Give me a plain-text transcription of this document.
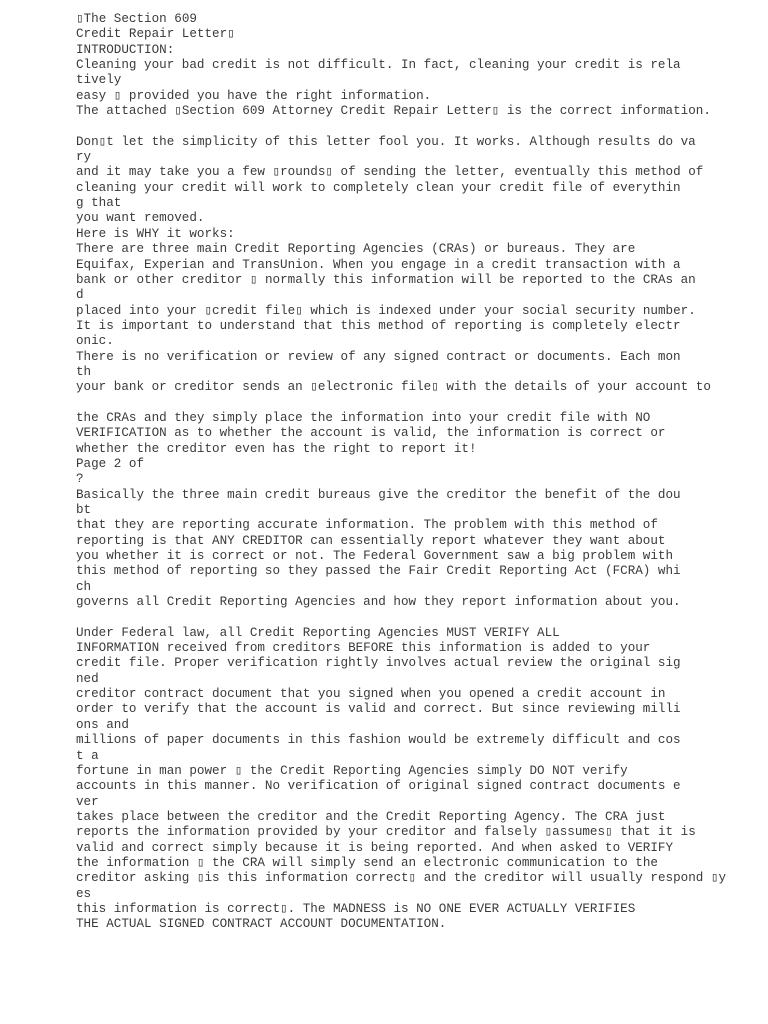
▯The Section 609
Credit Repair Letter▯
INTRODUCTION:
Cleaning your bad credit is not difficult. In fact, cleaning your credit is rela
tively
easy ▯ provided you have the right information.
The attached ▯Section 609 Attorney Credit Repair Letter▯ is the correct information.
Don▯t let the simplicity of this letter fool you. It works. Although results do va
ry
and it may take you a few ▯rounds▯ of sending the letter, eventually this method of
cleaning your credit will work to completely clean your credit file of everythin
g that
you want removed.
Here is WHY it works:
There are three main Credit Reporting Agencies (CRAs) or bureaus. They are
Equifax, Experian and TransUnion. When you engage in a credit transaction with a
bank or other creditor ▯ normally this information will be reported to the CRAs an
d
placed into your ▯credit file▯ which is indexed under your social security number.
It is important to understand that this method of reporting is completely electr
onic.
There is no verification or review of any signed contract or documents. Each mon
th
your bank or creditor sends an ▯electronic file▯ with the details of your account to
the CRAs and they simply place the information into your credit file with NO
VERIFICATION as to whether the account is valid, the information is correct or
whether the creditor even has the right to report it!
Page 2 of
?
Basically the three main credit bureaus give the creditor the benefit of the dou
bt
that they are reporting accurate information. The problem with this method of
reporting is that ANY CREDITOR can essentially report whatever they want about
you whether it is correct or not. The Federal Government saw a big problem with
this method of reporting so they passed the Fair Credit Reporting Act (FCRA) whi
ch
governs all Credit Reporting Agencies and how they report information about you.
Under Federal law, all Credit Reporting Agencies MUST VERIFY ALL
INFORMATION received from creditors BEFORE this information is added to your
credit file. Proper verification rightly involves actual review the original sig
ned
creditor contract document that you signed when you opened a credit account in
order to verify that the account is valid and correct. But since reviewing milli
ons and
millions of paper documents in this fashion would be extremely difficult and cos
t a
fortune in man power ▯ the Credit Reporting Agencies simply DO NOT verify
accounts in this manner. No verification of original signed contract documents e
ver
takes place between the creditor and the Credit Reporting Agency. The CRA just
reports the information provided by your creditor and falsely ▯assumes▯ that it is
valid and correct simply because it is being reported. And when asked to VERIFY
the information ▯ the CRA will simply send an electronic communication to the
creditor asking ▯is this information correct▯ and the creditor will usually respond ▯y
es
this information is correct▯. The MADNESS is NO ONE EVER ACTUALLY VERIFIES
THE ACTUAL SIGNED CONTRACT ACCOUNT DOCUMENTATION.
